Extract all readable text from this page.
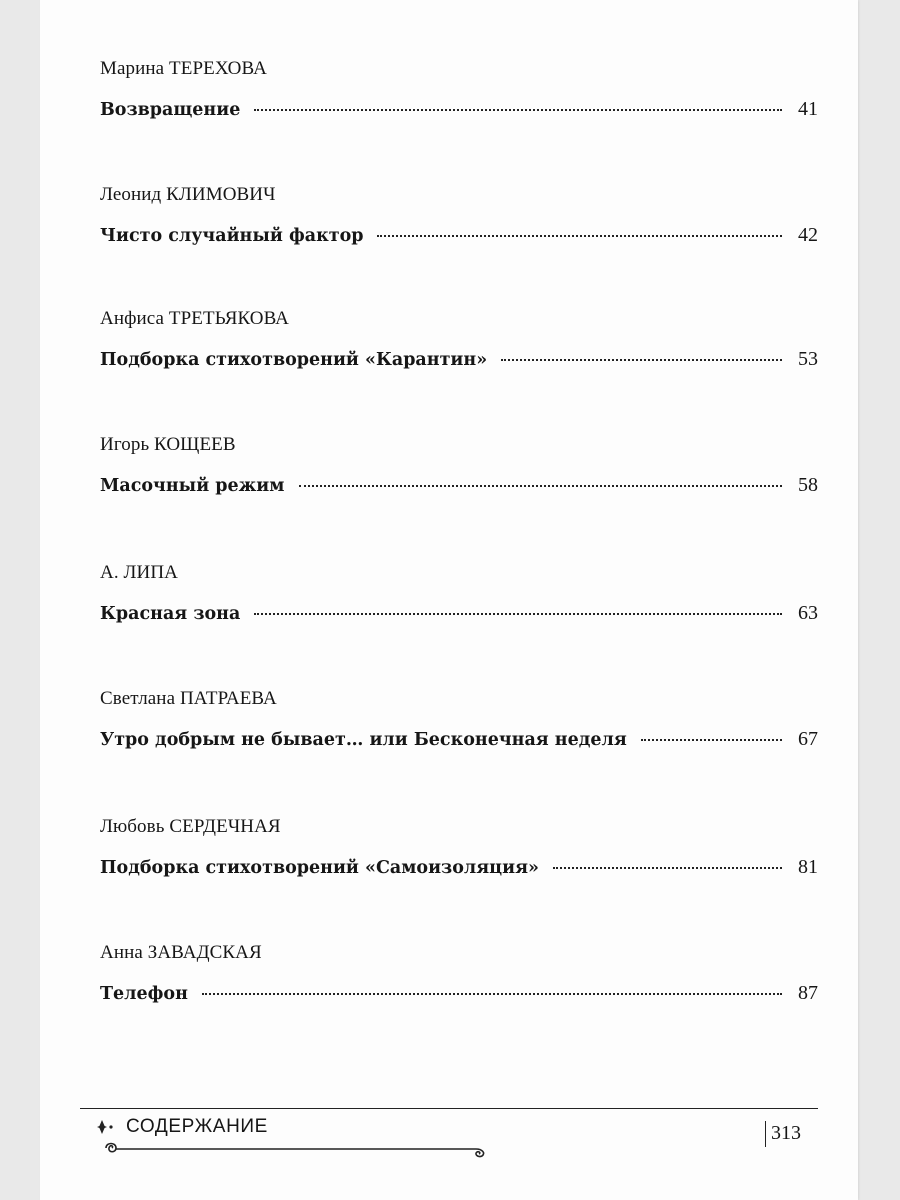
Марина ТЕРЕХОВА
Возвращение	41
Леонид КЛИМОВИЧ
Чисто случайный фактор	42
Анфиса ТРЕТЬЯКОВА
Подборка стихотворений «Карантин»	53
Игорь КОЩЕЕВ
Масочный режим	58
А. ЛИПА
Красная зона	63
Светлана ПАТРАЕВА
Утро добрым не бывает… или Бесконечная неделя	67
Любовь СЕРДЕЧНАЯ
Подборка стихотворений «Самоизоляция»	81
Анна ЗАВАДСКАЯ
Телефон	87
СОДЕРЖАНИЕ	313
